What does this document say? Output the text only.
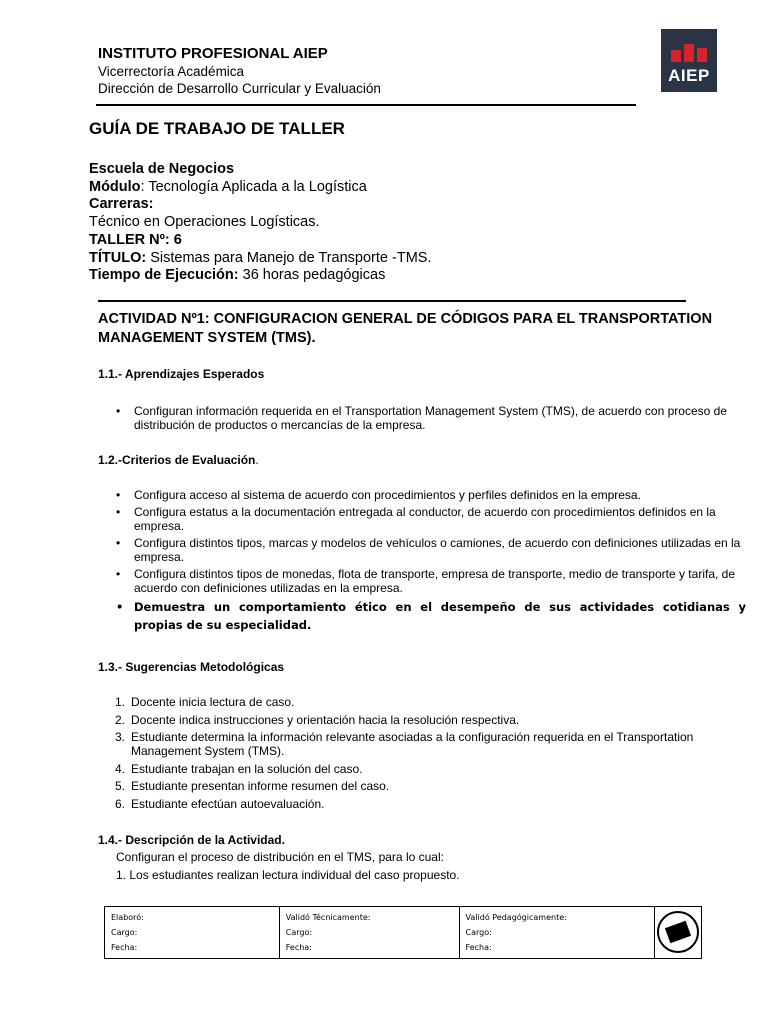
INSTITUTO PROFESIONAL AIEP
Vicerrectoría Académica
Dirección de Desarrollo Curricular y Evaluación
AIEP
GUÍA DE TRABAJO DE TALLER
Escuela de Negocios
Módulo: Tecnología Aplicada a la Logística
Carreras:
Técnico en Operaciones Logísticas.
TALLER Nº: 6
TÍTULO: Sistemas para Manejo de Transporte -TMS.
Tiempo de Ejecución: 36 horas pedagógicas
ACTIVIDAD Nº1: CONFIGURACION GENERAL DE CÓDIGOS PARA EL TRANSPORTATION MANAGEMENT SYSTEM (TMS).
1.1.- Aprendizajes Esperados
• Configuran información requerida en el Transportation Management System (TMS), de acuerdo con proceso de distribución de productos o mercancías de la empresa.
1.2.-Criterios de Evaluación.
• Configura acceso al sistema de acuerdo con procedimientos y perfiles definidos en la empresa.
• Configura estatus a la documentación entregada al conductor, de acuerdo con procedimientos definidos en la empresa.
• Configura distintos tipos, marcas y modelos de vehículos o camiones, de acuerdo con definiciones utilizadas en la empresa.
• Configura distintos tipos de monedas, flota de transporte, empresa de transporte, medio de transporte y tarifa, de acuerdo con definiciones utilizadas en la empresa.
• Demuestra un comportamiento ético en el desempeño de sus actividades cotidianas y propias de su especialidad.
1.3.- Sugerencias Metodológicas
1. Docente inicia lectura de caso.
2. Docente indica instrucciones y orientación hacia la resolución respectiva.
3. Estudiante determina la información relevante asociadas a la configuración requerida en el Transportation Management System (TMS).
4. Estudiante trabajan en la solución del caso.
5. Estudiante presentan informe resumen del caso.
6. Estudiante efectúan autoevaluación.
1.4.- Descripción de la Actividad.
Configuran el proceso de distribución en el TMS, para lo cual:
1. Los estudiantes realizan lectura individual del caso propuesto.
Elaboró:
Cargo:
Fecha:

Validó Técnicamente:
Cargo:
Fecha:

Validó Pedagógicamente:
Cargo:
Fecha:
